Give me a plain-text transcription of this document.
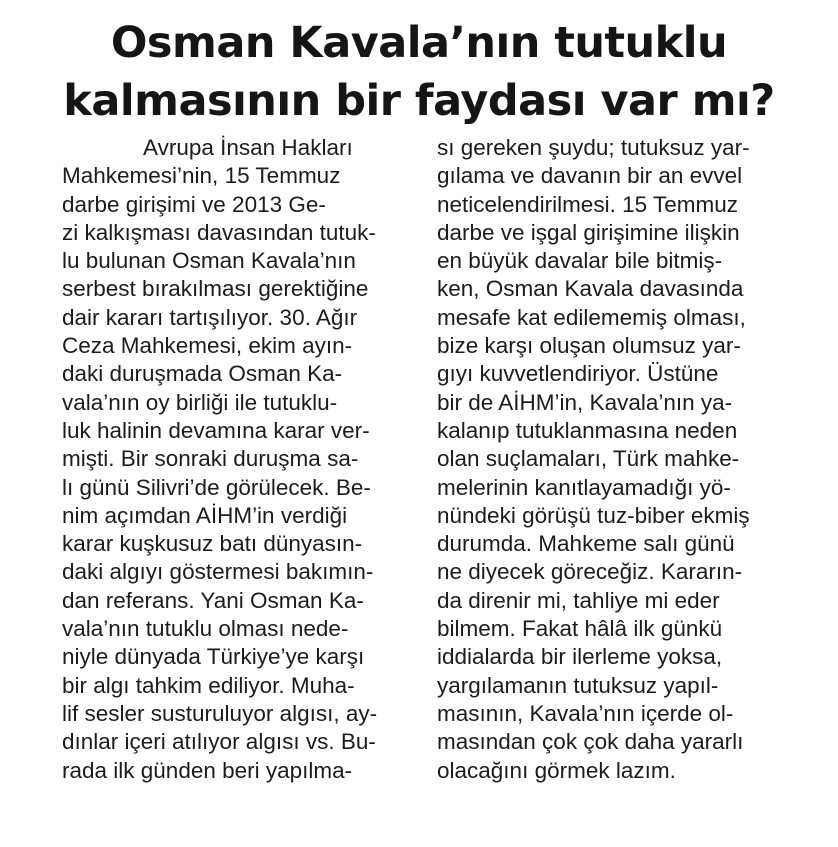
Osman Kavala’nın tutuklu
kalmasının bir faydası var mı?
Avrupa İnsan Hakları
Mahkemesi’nin, 15 Temmuz
darbe girişimi ve 2013 Ge-
zi kalkışması davasından tutuk-
lu bulunan Osman Kavala’nın
serbest bırakılması gerektiğine
dair kararı tartışılıyor. 30. Ağır
Ceza Mahkemesi, ekim ayın-
daki duruşmada Osman Ka-
vala’nın oy birliği ile tutuklu-
luk halinin devamına karar ver-
mişti. Bir sonraki duruşma sa-
lı günü Silivri’de görülecek. Be-
nim açımdan AİHM’in verdiği
karar kuşkusuz batı dünyasın-
daki algıyı göstermesi bakımın-
dan referans. Yani Osman Ka-
vala’nın tutuklu olması nede-
niyle dünyada Türkiye’ye karşı
bir algı tahkim ediliyor. Muha-
lif sesler susturuluyor algısı, ay-
dınlar içeri atılıyor algısı vs. Bu-
rada ilk günden beri yapılma-
sı gereken şuydu; tutuksuz yar-
gılama ve davanın bir an evvel
neticelendirilmesi. 15 Temmuz
darbe ve işgal girişimine ilişkin
en büyük davalar bile bitmiş-
ken, Osman Kavala davasında
mesafe kat edilememiş olması,
bize karşı oluşan olumsuz yar-
gıyı kuvvetlendiriyor. Üstüne
bir de AİHM’in, Kavala’nın ya-
kalanıp tutuklanmasına neden
olan suçlamaları, Türk mahke-
melerinin kanıtlayamadığı yö-
nündeki görüşü tuz-biber ekmiş
durumda. Mahkeme salı günü
ne diyecek göreceğiz. Kararın-
da direnir mi, tahliye mi eder
bilmem. Fakat hâlâ ilk günkü
iddialarda bir ilerleme yoksa,
yargılamanın tutuksuz yapıl-
masının, Kavala’nın içerde ol-
masından çok çok daha yararlı
olacağını görmek lazım.
